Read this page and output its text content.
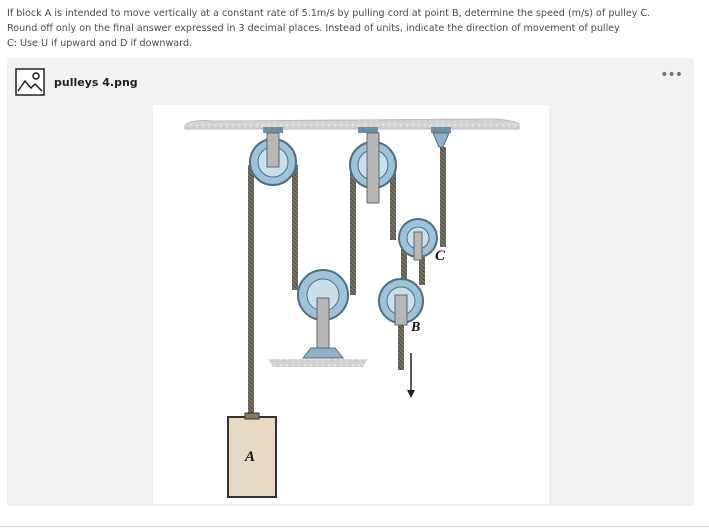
If block A is intended to move vertically at a constant rate of 5.1m/s by pulling cord at point B, determine the speed (m/s) of pulley C.

Round off only on the final answer expressed in 3 decimal places. Instead of units, indicate the direction of movement of pulley

C: Use U if upward and D if downward.

pulleys 4.png	•••
C
B
A
